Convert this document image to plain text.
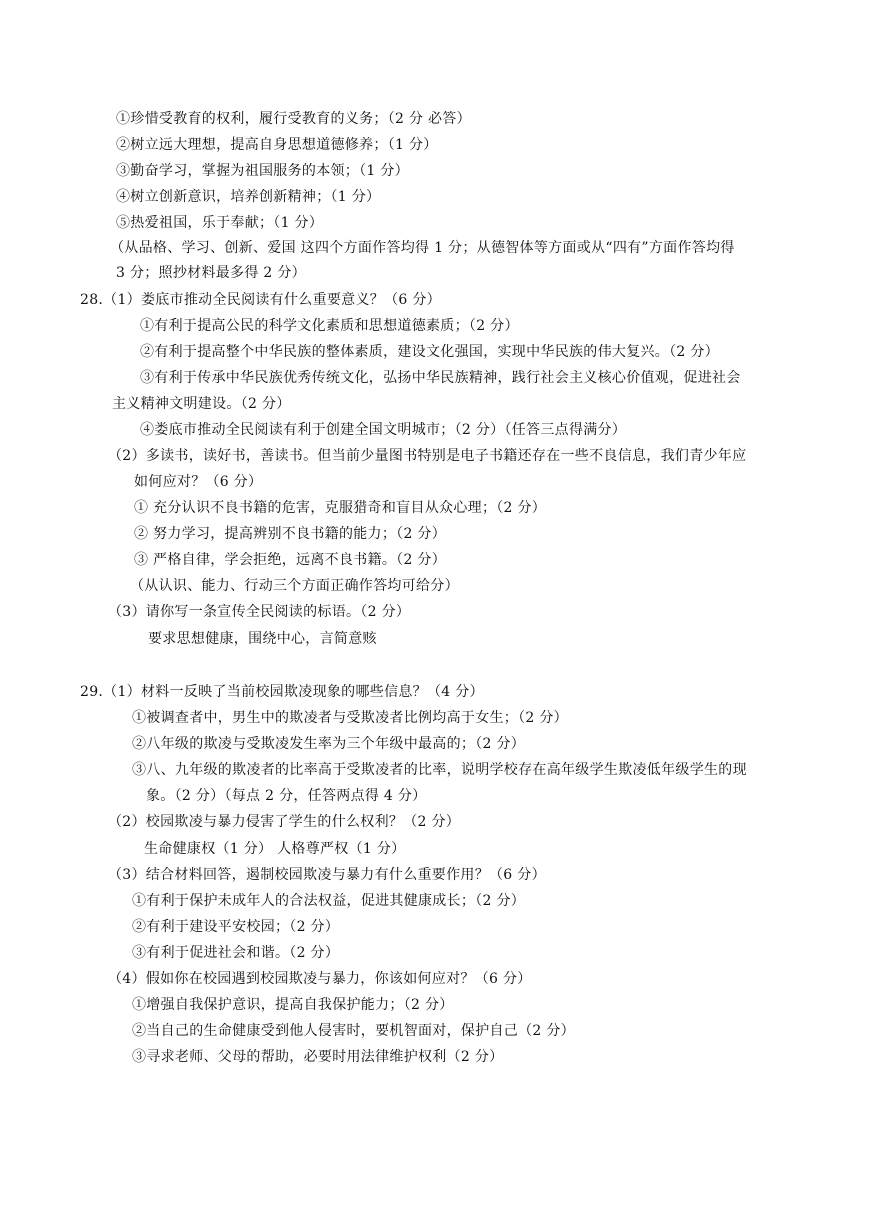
①珍惜受教育的权利，履行受教育的义务；（2 分 必答）
②树立远大理想，提高自身思想道德修养；（1 分）
③勤奋学习，掌握为祖国服务的本领；（1 分）
④树立创新意识，培养创新精神；（1 分）
⑤热爱祖国，乐于奉献；（1 分）
（从品格、学习、创新、爱国 这四个方面作答均得 1 分；从德智体等方面或从“四有”方面作答均得
3 分；照抄材料最多得 2 分）
28.（1）娄底市推动全民阅读有什么重要意义？（6 分）
①有利于提高公民的科学文化素质和思想道德素质；（2 分）
②有利于提高整个中华民族的整体素质，建设文化强国，实现中华民族的伟大复兴。（2 分）
③有利于传承中华民族优秀传统文化，弘扬中华民族精神，践行社会主义核心价值观，促进社会
主义精神文明建设。（2 分）
④娄底市推动全民阅读有利于创建全国文明城市；（2 分）（任答三点得满分）
（2）多读书，读好书，善读书。但当前少量图书特别是电子书籍还存在一些不良信息，我们青少年应
如何应对？（6 分）
① 充分认识不良书籍的危害，克服猎奇和盲目从众心理；（2 分）
② 努力学习，提高辨别不良书籍的能力；（2 分）
③ 严格自律，学会拒绝，远离不良书籍。（2 分）
（从认识、能力、行动三个方面正确作答均可给分）
（3）请你写一条宣传全民阅读的标语。（2 分）
要求思想健康，围绕中心，言简意赅
29.（1）材料一反映了当前校园欺凌现象的哪些信息？（4 分）
①被调查者中，男生中的欺凌者与受欺凌者比例均高于女生；（2 分）
②八年级的欺凌与受欺凌发生率为三个年级中最高的；（2 分）
③八、九年级的欺凌者的比率高于受欺凌者的比率，说明学校存在高年级学生欺凌低年级学生的现
象。（2 分）（每点 2 分，任答两点得 4 分）
（2）校园欺凌与暴力侵害了学生的什么权利？（2 分）
生命健康权（1 分） 人格尊严权（1 分）
（3）结合材料回答，遏制校园欺凌与暴力有什么重要作用？（6 分）
①有利于保护未成年人的合法权益，促进其健康成长；（2 分）
②有利于建设平安校园；（2 分）
③有利于促进社会和谐。（2 分）
（4）假如你在校园遇到校园欺凌与暴力，你该如何应对？（6 分）
①增强自我保护意识，提高自我保护能力；（2 分）
②当自己的生命健康受到他人侵害时，要机智面对，保护自己（2 分）
③寻求老师、父母的帮助，必要时用法律维护权利（2 分）
